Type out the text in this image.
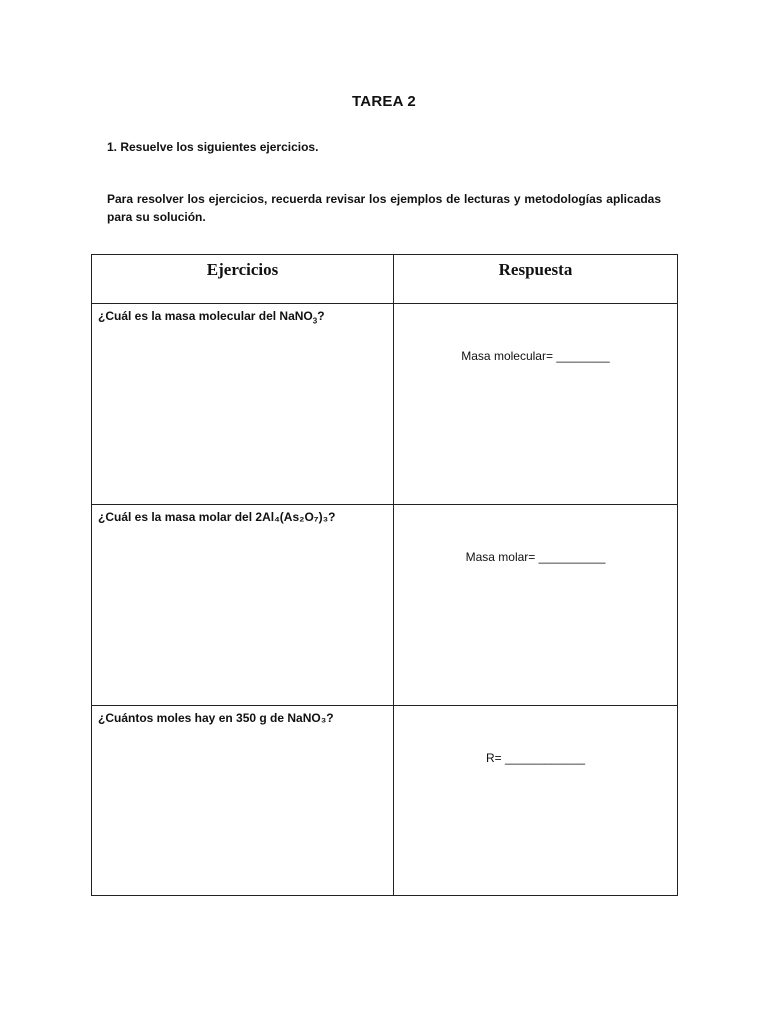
TAREA 2
1. Resuelve los siguientes ejercicios.
Para resolver los ejercicios, recuerda revisar los ejemplos de lecturas y metodologías aplicadas para su solución.
Ejercicios	Respuesta
¿Cuál es la masa molecular del NaNO$_3$?
Masa molecular= ________
¿Cuál es la masa molar del 2Al₄(As₂O₇)₃?
Masa molar= __________
¿Cuántos moles hay en 350 g de NaNO₃?
R= ____________
